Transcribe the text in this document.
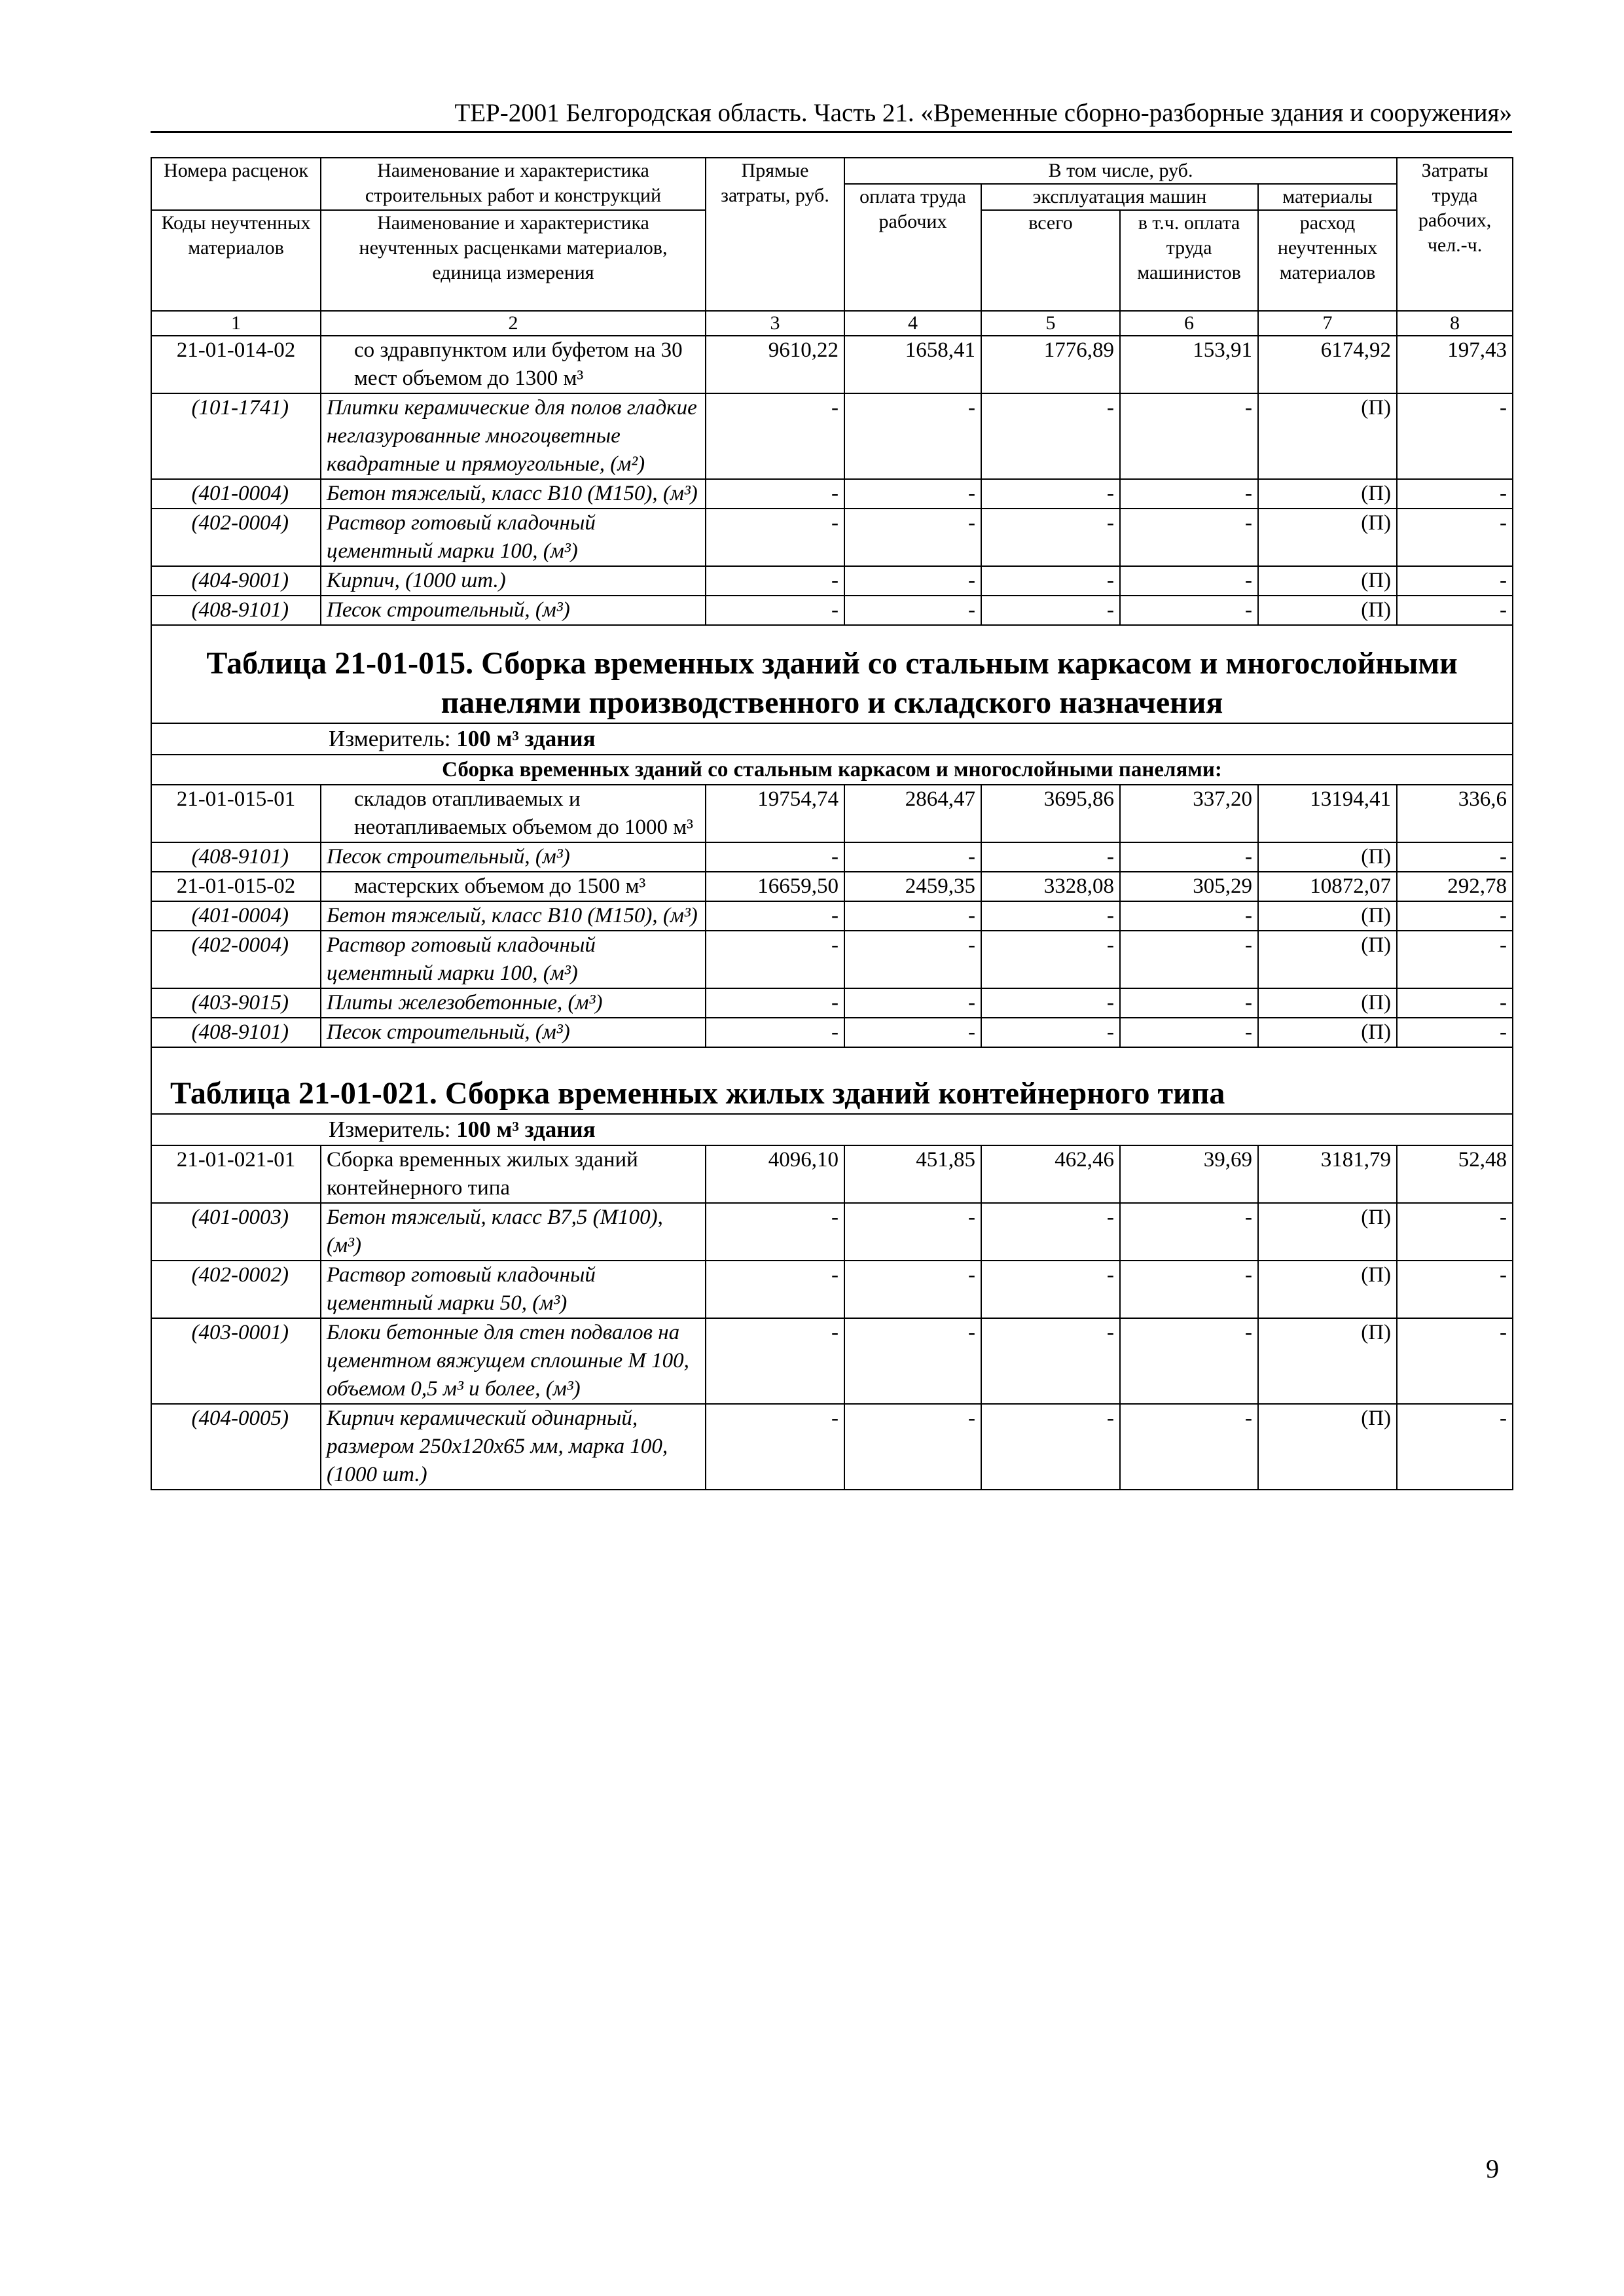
ТЕР-2001 Белгородская область. Часть 21. «Временные сборно-разборные здания и сооружения»
Номера расценок	Наименование и характеристика строительных работ и конструкций	Прямые затраты, руб.	В том числе, руб.				Затраты труда рабочих, чел.-ч.
			оплата труда рабочих	эксплуатация машин		материалы	
Коды неучтенных материалов	Наименование и характеристика неучтенных расценками материалов, единица измерения			всего	в т.ч. оплата труда машинистов	расход неучтенных материалов	

1	2	3	4	5	6	7	8
21-01-014-02	со здравпунктом или буфетом на 30 мест объемом до 1300 м³	9610,22	1658,41	1776,89	153,91	6174,92	197,43
(101-1741)	Плитки керамические для полов гладкие неглазурованные многоцветные квадратные и прямоугольные, (м²)	-	-	-	-	(П)	-
(401-0004)	Бетон тяжелый, класс В10 (М150), (м³)	-	-	-	-	(П)	-
(402-0004)	Раствор готовый кладочный цементный марки 100, (м³)	-	-	-	-	(П)	-
(404-9001)	Кирпич, (1000 шт.)	-	-	-	-	(П)	-
(408-9101)	Песок строительный, (м³)	-	-	-	-	(П)	-

Таблица 21-01-015. Сборка временных зданий со стальным каркасом и многослойными
панелями производственного и складского назначения							

Измеритель: 100 м³ здания							
Сборка временных зданий со стальным каркасом и многослойными панелями:							
21-01-015-01	складов отапливаемых и неотапливаемых объемом до 1000 м³	19754,74	2864,47	3695,86	337,20	13194,41	336,6
(408-9101)	Песок строительный, (м³)	-	-	-	-	(П)	-
21-01-015-02	мастерских объемом до 1500 м³	16659,50	2459,35	3328,08	305,29	10872,07	292,78
(401-0004)	Бетон тяжелый, класс В10 (М150), (м³)	-	-	-	-	(П)	-
(402-0004)	Раствор готовый кладочный цементный марки 100, (м³)	-	-	-	-	(П)	-
(403-9015)	Плиты железобетонные, (м³)	-	-	-	-	(П)	-
(408-9101)	Песок строительный, (м³)	-	-	-	-	(П)	-
Таблица 21-01-021. Сборка временных жилых зданий контейнерного типа							
Измеритель: 100 м³ здания							
21-01-021-01	Сборка временных жилых зданий контейнерного типа	4096,10	451,85	462,46	39,69	3181,79	52,48
(401-0003)	Бетон тяжелый, класс В7,5 (М100), (м³)	-	-	-	-	(П)	-
(402-0002)	Раствор готовый кладочный цементный марки 50, (м³)	-	-	-	-	(П)	-
(403-0001)	Блоки бетонные для стен подвалов на цементном вяжущем сплошные М 100, объемом 0,5 м³ и более, (м³)	-	-	-	-	(П)	-
(404-0005)	Кирпич керамический одинарный, размером 250х120х65 мм, марка 100, (1000 шт.)	-	-	-	-	(П)	-
9
